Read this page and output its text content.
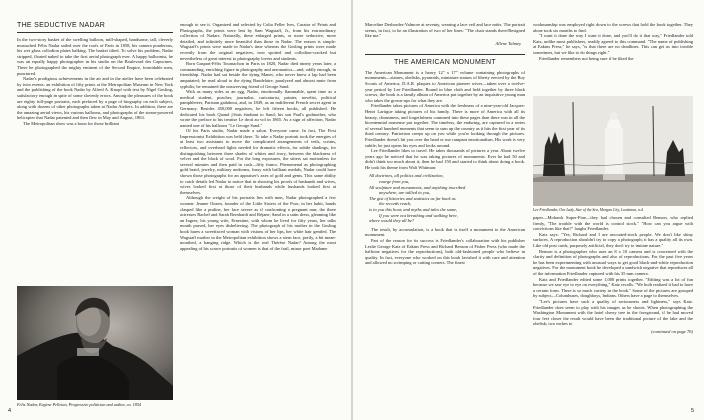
THE SEDUCTIVE NADAR

In the two-story basket of the swelling balloon, mill-shaped, handsome, tall, cleverly mustached Félix Nadar sailed over the roofs of Paris in 1858, his camera ponderous, his wet glass collodion plates balking. The basket tilted. To solve his problem, Nadar stripped, floated naked to take the first aerial photograph ever. A happy balloonist, he was an equally happy photographer in his studio on the Boulevard des Capucines. There he photographed the mighty eminent of the Second Empire, formidable men, punctured.

Nadar's prodigious achievements in the air and in the atelier have been celebrated by twin events: an exhibition of fifty prints at the Metropolitan Museum in New York and the publishing of the book Nadar by Alfred A. Knopf with text by Nigel Gosling, satisfactory enough in spite of some slovenly errors. Among the pleasures of the book are eighty full-page portraits, each prefaced by a page of biography on each subject, along with dozens of other photographs taken at Nadar Ateliers. In addition, there are the amazing aerial views, his various balloons, and photographs of the steam-powered helicopter that Nadar patented and then flew in May and August, 1863.

The Metropolitan show was a boon for those brilliant

Félix Nadar, Eugène Pelletan, Progressive politician and author, ca. 1854

enough to see it. Organized and selected by Colta Feller Ives, Curator of Prints and Photographs, the prints were lent by Sam Wagstaff, Jr., from his extraordinary collection of Nadars. Naturally, these enlarged prints, or more seductive, more detailed, and infinitely more beautiful than those in Nadar. The reason is simple: Wagstaff's prints were made in Nadar's time whereas the Gosling prints were made recently from the original negatives, now spotted and collodion-cracked but nevertheless of great interest to photography lovers and students.

Born Gaspart-Félix Tournachon in Paris in 1820, Nadar died ninety years later, a commanding, enriching figure in photography and aeronautics—and, oddly enough, in friendship. Nadar had sat beside the dying Manet, who never knew a lap had been amputated; he read aloud to the dying Baudelaire, paralyzed and almost mute from syphilis; he remained the unswerving friend of George Sand.

With as many sides as an egg, Nadar, emotionally flammable, spent time as a medical student, poacher, journalist, caricaturist, printer, novelist, political pamphleteer, Parisian gadabout, and, in 1849, as an indifferent French secret agent in Germany. Besides 450,000 negatives, he left fifteen books, all published. He dedicated his book Quand j'étais étudiant to Sand; his son Paul's godmother, who wrote the preface to his treatise Le droit au vol in 1865. As a sign of affection, Nadar named one of his balloons "Le George Sand."

Of his Paris studio, Nadar made a salon. Everyone came. In fact, The First Impressionist Exhibition was held there. To take a Nadar portrait took the energies of at least two assistants to move the complicated arrangements of veils, scrims, reflectors, and overhead lights needed for dramatic effects, for subtle shadings, for distinguishing between three shades of whites and ivory, between the blackness of velvet and the black of wool. For the long exposures, the sitters sat motionless for several minutes and then paid in cash—fifty francs. Phenomenal as photographing gold braid, jewelry, military uniforms, fussy with brilliant medals, Nadar could have shown those photographs for an appraiser's axes of gold and gems. This same ability to catch details led Nadar to notice that in showing his proofs of husbands and wives, wives looked first at those of their husbands while husbands looked first at themselves.

Although the weight of his portraits lies with men, Nadar photographed a few women: Jeanne Ouzen, founder of the Little Sisters of the Poor, in her habit, hands clasped like a praline, her face severe as if confronting a pregnant nun; the three actresses Rachel and Sarah Bernhardt and Réjane; Sand in a satin dress, gleaming like an Ingres; his young wife, Ernestine, with whom he lived for fifty years, her talks mouth pursed, her eyes disbelieving. The photograph of his mother in the Gosling book bares a sweetfaced woman with visions of her lips, her white hair gentled. The Wagstaff mother in the Metropolitan exhibition shows a stern face, portly, a bit mean-mouthed, a hanging ridge. Which is the real Thérèse Nadar? Among the most appealing of his scarce portraits of women is that of the frail, minor poet Madame

4

Marceline Desbordes-Valmore at seventy, wearing a lace veil and lace mitts. The portrait seems, in fact, to be an illustration of two of her lines: "The chair stands there/Resigned like me."

Allene Talmey
THE AMERICAN MONUMENT

The American Monument is a heavy 12" x 17" volume containing photographs of monuments—statues, obelisks, pyramids, miniature statues of liberty erected by the Boy Scouts of America, D.A.R. plaques to American pioneer wives—taken over a twelve-year period by Lee Friedlander. Bound in blue cloth and held together by three black screws, the book is a family album of America put together by an inquisitive young man who takes the grown-ups for what they are.

Friedlander takes pictures of America with the freshness of a nine-year-old Jacques-Henri Lartigue taking pictures of his family. There is more of America with all its beauty, clumsiness, and forgetfulness crammed into these pages than there was in all the bicentennial nonsense put together. The timeless, the enduring, are captured in a series of several hundred moments that seem to sum up the country as it hits the first year of its third century. Patriotism creeps up on you while you're looking through the pictures. Friedlander doesn't hit you over the head or use rampant emotionalism. His work is very subtle; he just opens his eyes and looks around.

Lee Friedlander likes to travel. He takes thousands of pictures a year. About twelve years ago he noticed that he was taking pictures of monuments. Ever he had 50 and didn't think too much about it; then he had 150 and started to think about doing a book. He took his theme from Walt Whitman:

All doctrines, all politics and civilization,
exurge from you,
All sculpture and monuments, and anything inscribed
anywhere, are tallied in you,
The gist of histories and statistics as far back as
the records reach,
is in you this hour, and myths and tales the same,
If you were not breathing and walking here,
where would they all be?

The result, by accumulation, is a book that is itself a monument to the American monument.

Part of the reason for its success is Friedlander's collaboration with his publisher Leslie George Katz of Eakins Press and Richard Benson of Fisher Press (who made the halftone negatives for the reproductions), both old-fashioned people who believe in quality. In fact, everyone who worked on this book lavished it with care and attention and allowed no scrimping or cutting corners. The finest

workmanship was employed right down to the screws that hold the book together. They alone took six months to find.

"I want it done the way I want it done, and you'll do it that way," Friedlander told Katz, unlike most publishers, readily agreed to this command. "The name of publishing at Eakins Press," he says, "is that there are no deadlines. This can get us into trouble sometimes, but we like to do things right."

Friedlander remembers not being sure if he liked the

Lee Friedlander, Our Lady, Star of the Sea, Morgan City, Louisiana, n.d.

paper—Mohawk Super-Fine—they had chosen and consulted Benson, who replied firmly, "The trouble with the world is control stock." "How can you argue with convictions like that?" laughs Friedlander.

Katz says: "Yes, Richard and I are uncoated-stock people. We don't like shiny surfaces. A reproduction shouldn't try to copy a photograph; it has a quality all its own. Like old post cards, purposely artificial, they don't try to imitate nature."

Benson is a photographer who uses an 8 x 10 camera and is concerned with the clarity and definition of photographs and also of reproductions. For the past five years he has been experimenting with unusual ways to get good black-and-white reproduction negatives. For the monument book he developed a sandwich negative that reproduces all of the information Friedlander captured with his 35 mm camera.

Katz and Friedlander edited some 1,000 prints together. "Editing was a lot of fun because we saw eye to eye on everything," Katz recalls. "We both realized it had to have a certain form. There is so much variety in the book." Some of the pictures are grouped by subject—Columbuses, doughboys, Indians. Others have a page to themselves.

"Lee's pictures have such a quality of seriousness and lightness," says Katz. Friedlander does seem to play with his images as he shoots. When photographing the Washington Monument with the hotel cherry tree in the foreground, if he had moved four feet closer the result would have been the traditional picture of the lake and the obelisk; two inches to

(continued on page 76)
5
